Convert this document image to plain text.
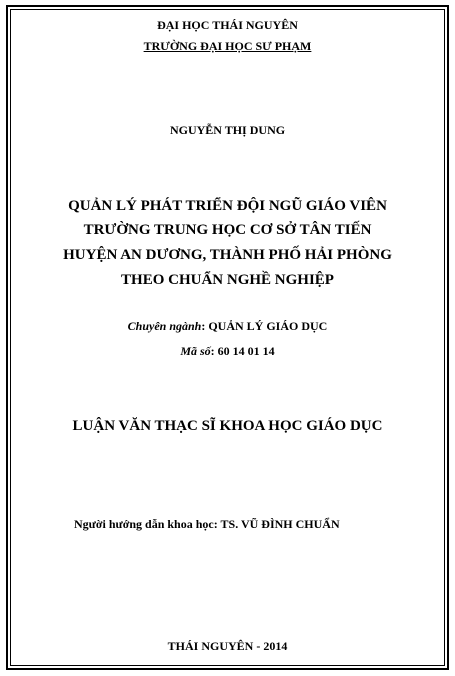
ĐẠI HỌC THÁI NGUYÊN
TRƯỜNG ĐẠI HỌC SƯ PHẠM
NGUYỄN THỊ DUNG
QUẢN LÝ PHÁT TRIỂN ĐỘI NGŨ GIÁO VIÊN
TRƯỜNG TRUNG HỌC CƠ SỞ TÂN TIẾN
HUYỆN AN DƯƠNG, THÀNH PHỐ HẢI PHÒNG
THEO CHUẨN NGHỀ NGHIỆP
Chuyên ngành: QUẢN LÝ GIÁO DỤC
Mã số: 60 14 01 14
LUẬN VĂN THẠC SĨ KHOA HỌC GIÁO DỤC
Người hướng dẫn khoa học: TS. VŨ ĐÌNH CHUẨN
THÁI NGUYÊN - 2014
